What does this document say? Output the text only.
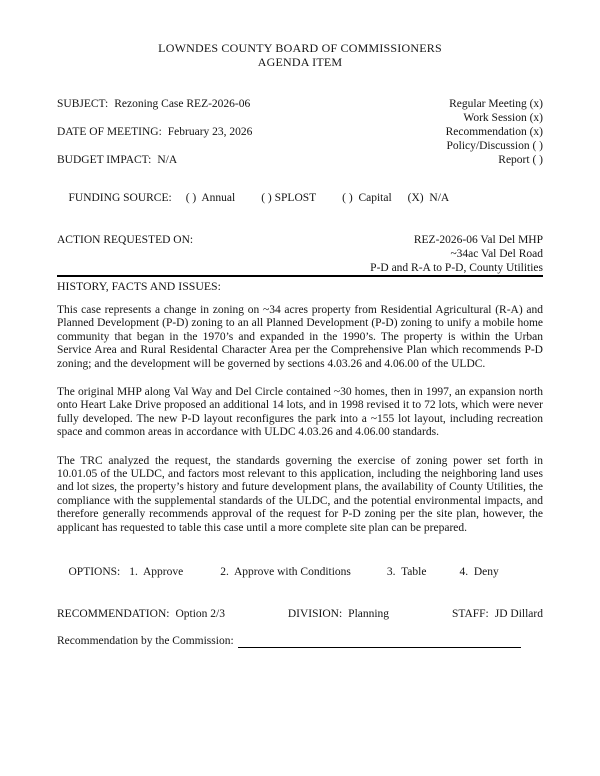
LOWNDES COUNTY BOARD OF COMMISSIONERS
AGENDA ITEM
SUBJECT: Rezoning Case REZ-2026-06
DATE OF MEETING: February 23, 2026
BUDGET IMPACT: N/A
Regular Meeting (x)
Work Session (x)
Recommendation (x)
Policy/Discussion ( )
Report ( )

FUNDING SOURCE: ( )  Annual ( ) SPLOST ( )  Capital (X)  N/A

ACTION REQUESTED ON:	REZ-2026-06 Val Del MHP
~34ac Val Del Road
P-D and R-A to P-D, County Utilities
HISTORY, FACTS AND ISSUES:

This case represents a change in zoning on ~34 acres property from Residential Agricultural (R-A) and Planned Development (P-D) zoning to an all Planned Development (P-D) zoning to unify a mobile home community that began in the 1970’s and expanded in the 1990’s. The property is within the Urban Service Area and Rural Residental Character Area per the Comprehensive Plan which recommends P-D zoning; and the development will be governed by sections 4.03.26 and 4.06.00 of the ULDC.

The original MHP along Val Way and Del Circle contained ~30 homes, then in 1997, an expansion north onto Heart Lake Drive proposed an additional 14 lots, and in 1998 revised it to 72 lots, which were never fully developed. The new P-D layout reconfigures the park into a ~155 lot layout, including recreation space and common areas in accordance with ULDC 4.03.26 and 4.06.00 standards.

The TRC analyzed the request, the standards governing the exercise of zoning power set forth in 10.01.05 of the ULDC, and factors most relevant to this application, including the neighboring land uses and lot sizes, the property’s history and future development plans, the availability of County Utilities, the compliance with the supplemental standards of the ULDC, and the potential environmental impacts, and therefore generally recommends approval of the request for P-D zoning per the site plan, however, the applicant has requested to table this case until a more complete site plan can be prepared.

OPTIONS: 1.  Approve	2.  Approve with Conditions	3.  Table	4.  Deny

RECOMMENDATION: Option 2/3	DIVISION: Planning	STAFF: JD Dillard
Recommendation by the Commission:
